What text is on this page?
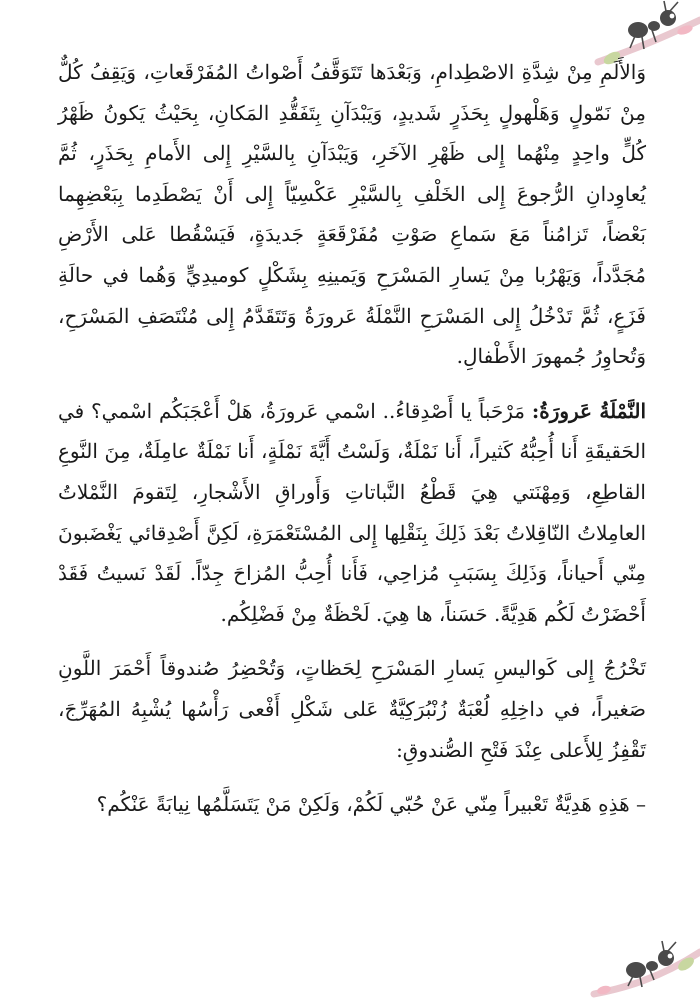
وَالأَلَمِ مِنْ شِدَّةِ الاصْطِدامِ، وَبَعْدَها تَتَوَقَّفُ أَصْواتُ المُفَرْقَعاتِ، وَيَقِفُ كُلٌّ مِنْ نَمّولٍ وَهَلْهولٍ بِحَذَرٍ شَديدٍ، وَيَبْدَآنِ بِتَفَقُّدِ المَكانِ، بِحَيْثُ يَكونُ ظَهْرُ كُلٍّ واحِدٍ مِنْهُما إِلى ظَهْرِ الآخَرِ، وَيَبْدَآنِ بِالسَّيْرِ إِلى الأَمامِ بِحَذَرٍ، ثُمَّ يُعاوِدانِ الرُّجوعَ إِلى الخَلْفِ بِالسَّيْرِ عَكْسِيّاً إِلى أَنْ يَصْطَدِما بِبَعْضِهِما بَعْضاً، تَزامُناً مَعَ سَماعِ صَوْتِ مُفَرْقَعَةٍ جَديدَةٍ، فَيَسْقُطا عَلى الأَرْضِ مُجَدَّداً، وَيَهْرُبا مِنْ يَسارِ المَسْرَحِ وَيَمينِهِ بِشَكْلٍ كوميدِيٍّ وَهُما في حالَةِ فَزَعٍ، ثُمَّ تَدْخُلُ إِلى المَسْرَحِ النَّمْلَةُ عَرورَةُ وَتَتَقَدَّمُ إِلى مُنْتَصَفِ المَسْرَحِ، وَتُحاوِرُ جُمهورَ الأَطْفالِ.

النَّمْلَةُ عَرورَةُ: مَرْحَباً يا أَصْدِقاءُ.. اسْمي عَرورَةُ، هَلْ أَعْجَبَكُم اسْمي؟ في الحَقيقَةِ أَنا أُحِبُّهُ كَثيراً، أَنا نَمْلَةٌ، وَلَسْتُ أَيَّةَ نَمْلَةٍ، أَنا نَمْلَةٌ عامِلَةٌ، مِنَ النَّوعِ القاطِعِ، وَمِهْنَتي هِيَ قَطْعُ النَّباتاتِ وَأَوراقِ الأَشْجارِ، لِتَقومَ النَّمْلاتُ العامِلاتُ النّاقِلاتُ بَعْدَ ذَلِكَ بِنَقْلِها إِلى المُسْتَعْمَرَةِ، لَكِنَّ أَصْدِقائي يَغْضَبونَ مِنّي أَحياناً، وَذَلِكَ بِسَبَبِ مُزاحِي، فَأَنا أُحِبُّ المُزاحَ جِدّاً. لَقَدْ نَسيتُ فَقَدْ أَحْضَرْتُ لَكُم هَدِيَّةً. حَسَناً، ها هِيَ. لَحْظَةٌ مِنْ فَضْلِكُم.

تَخْرُجُ إِلى كَواليسِ يَسارِ المَسْرَحِ لِحَظاتٍ، وَتُحْضِرُ صُندوقاً أَحْمَرَ اللَّونِ صَغيراً، في داخِلِهِ لُعْبَةٌ زُنْبُرَكِيَّةٌ عَلى شَكْلِ أَفْعى رَأْسُها يُشْبِهُ المُهَرِّجَ، تَقْفِزُ لِلأَعلى عِنْدَ فَتْحِ الصُّندوقِ:

– هَذِهِ هَدِيَّةٌ تَعْبيراً مِنّي عَنْ حُبّي لَكُمْ، وَلَكِنْ مَنْ يَتَسَلَّمُها نِيابَةً عَنْكُم؟
